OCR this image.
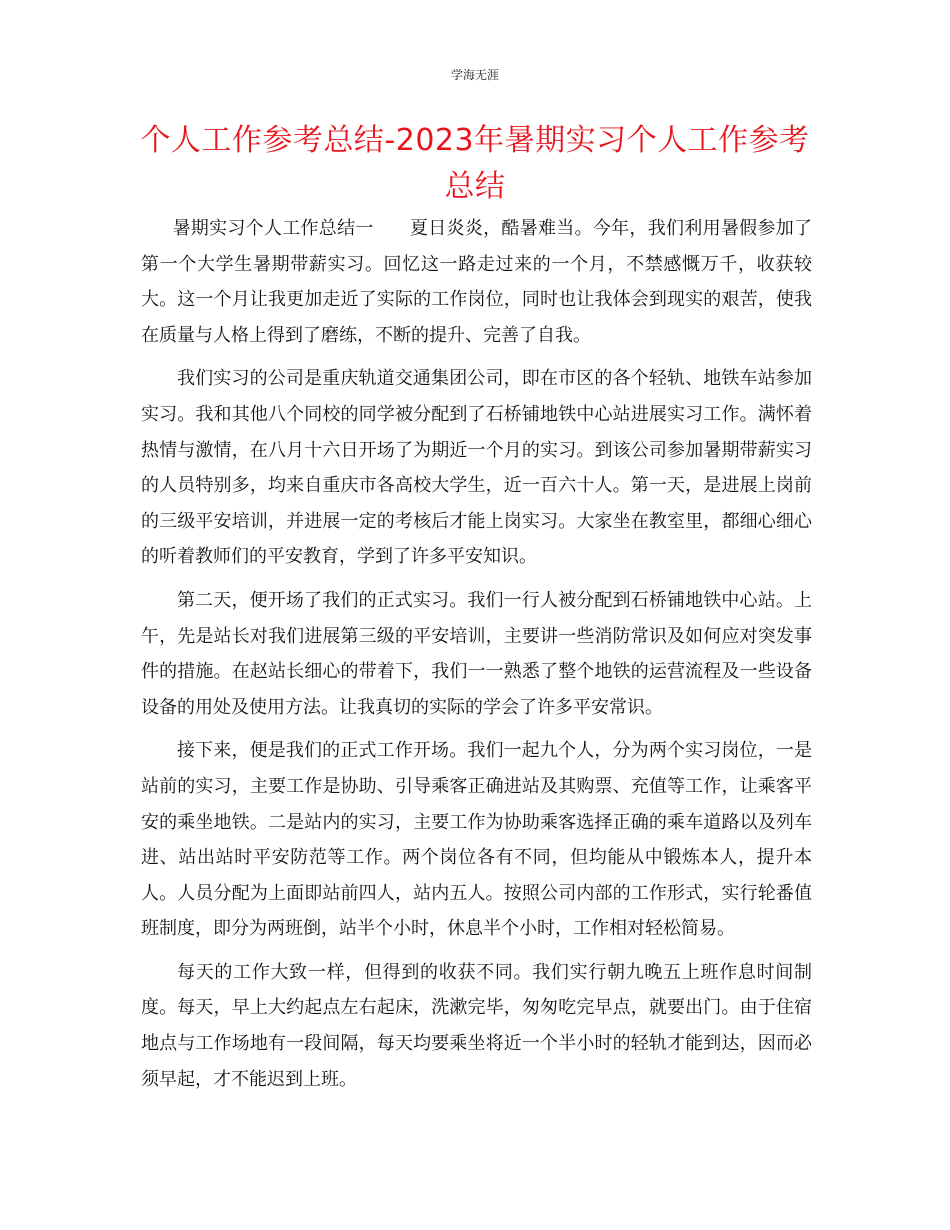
学海无涯
个人工作参考总结-2023年暑期实习个人工作参考总结

暑期实习个人工作总结一 夏日炎炎，酷暑难当。今年，我们利用暑假参加了第一个大学生暑期带薪实习。回忆这一路走过来的一个月，不禁感慨万千，收获较大。这一个月让我更加走近了实际的工作岗位，同时也让我体会到现实的艰苦，使我在质量与人格上得到了磨练，不断的提升、完善了自我。

我们实习的公司是重庆轨道交通集团公司，即在市区的各个轻轨、地铁车站参加实习。我和其他八个同校的同学被分配到了石桥铺地铁中心站进展实习工作。满怀着热情与激情，在八月十六日开场了为期近一个月的实习。到该公司参加暑期带薪实习的人员特别多，均来自重庆市各高校大学生，近一百六十人。第一天，是进展上岗前的三级平安培训，并进展一定的考核后才能上岗实习。大家坐在教室里，都细心细心的听着教师们的平安教育，学到了许多平安知识。

第二天，便开场了我们的正式实习。我们一行人被分配到石桥铺地铁中心站。上午，先是站长对我们进展第三级的平安培训，主要讲一些消防常识及如何应对突发事件的措施。在赵站长细心的带着下，我们一一熟悉了整个地铁的运营流程及一些设备设备的用处及使用方法。让我真切的实际的学会了许多平安常识。

接下来，便是我们的正式工作开场。我们一起九个人，分为两个实习岗位，一是站前的实习，主要工作是协助、引导乘客正确进站及其购票、充值等工作，让乘客平安的乘坐地铁。二是站内的实习，主要工作为协助乘客选择正确的乘车道路以及列车进、站出站时平安防范等工作。两个岗位各有不同，但均能从中锻炼本人，提升本人。人员分配为上面即站前四人，站内五人。按照公司内部的工作形式，实行轮番值班制度，即分为两班倒，站半个小时，休息半个小时，工作相对轻松简易。

每天的工作大致一样，但得到的收获不同。我们实行朝九晚五上班作息时间制度。每天，早上大约起点左右起床，洗漱完毕，匆匆吃完早点，就要出门。由于住宿地点与工作场地有一段间隔，每天均要乘坐将近一个半小时的轻轨才能到达，因而必须早起，才不能迟到上班。
